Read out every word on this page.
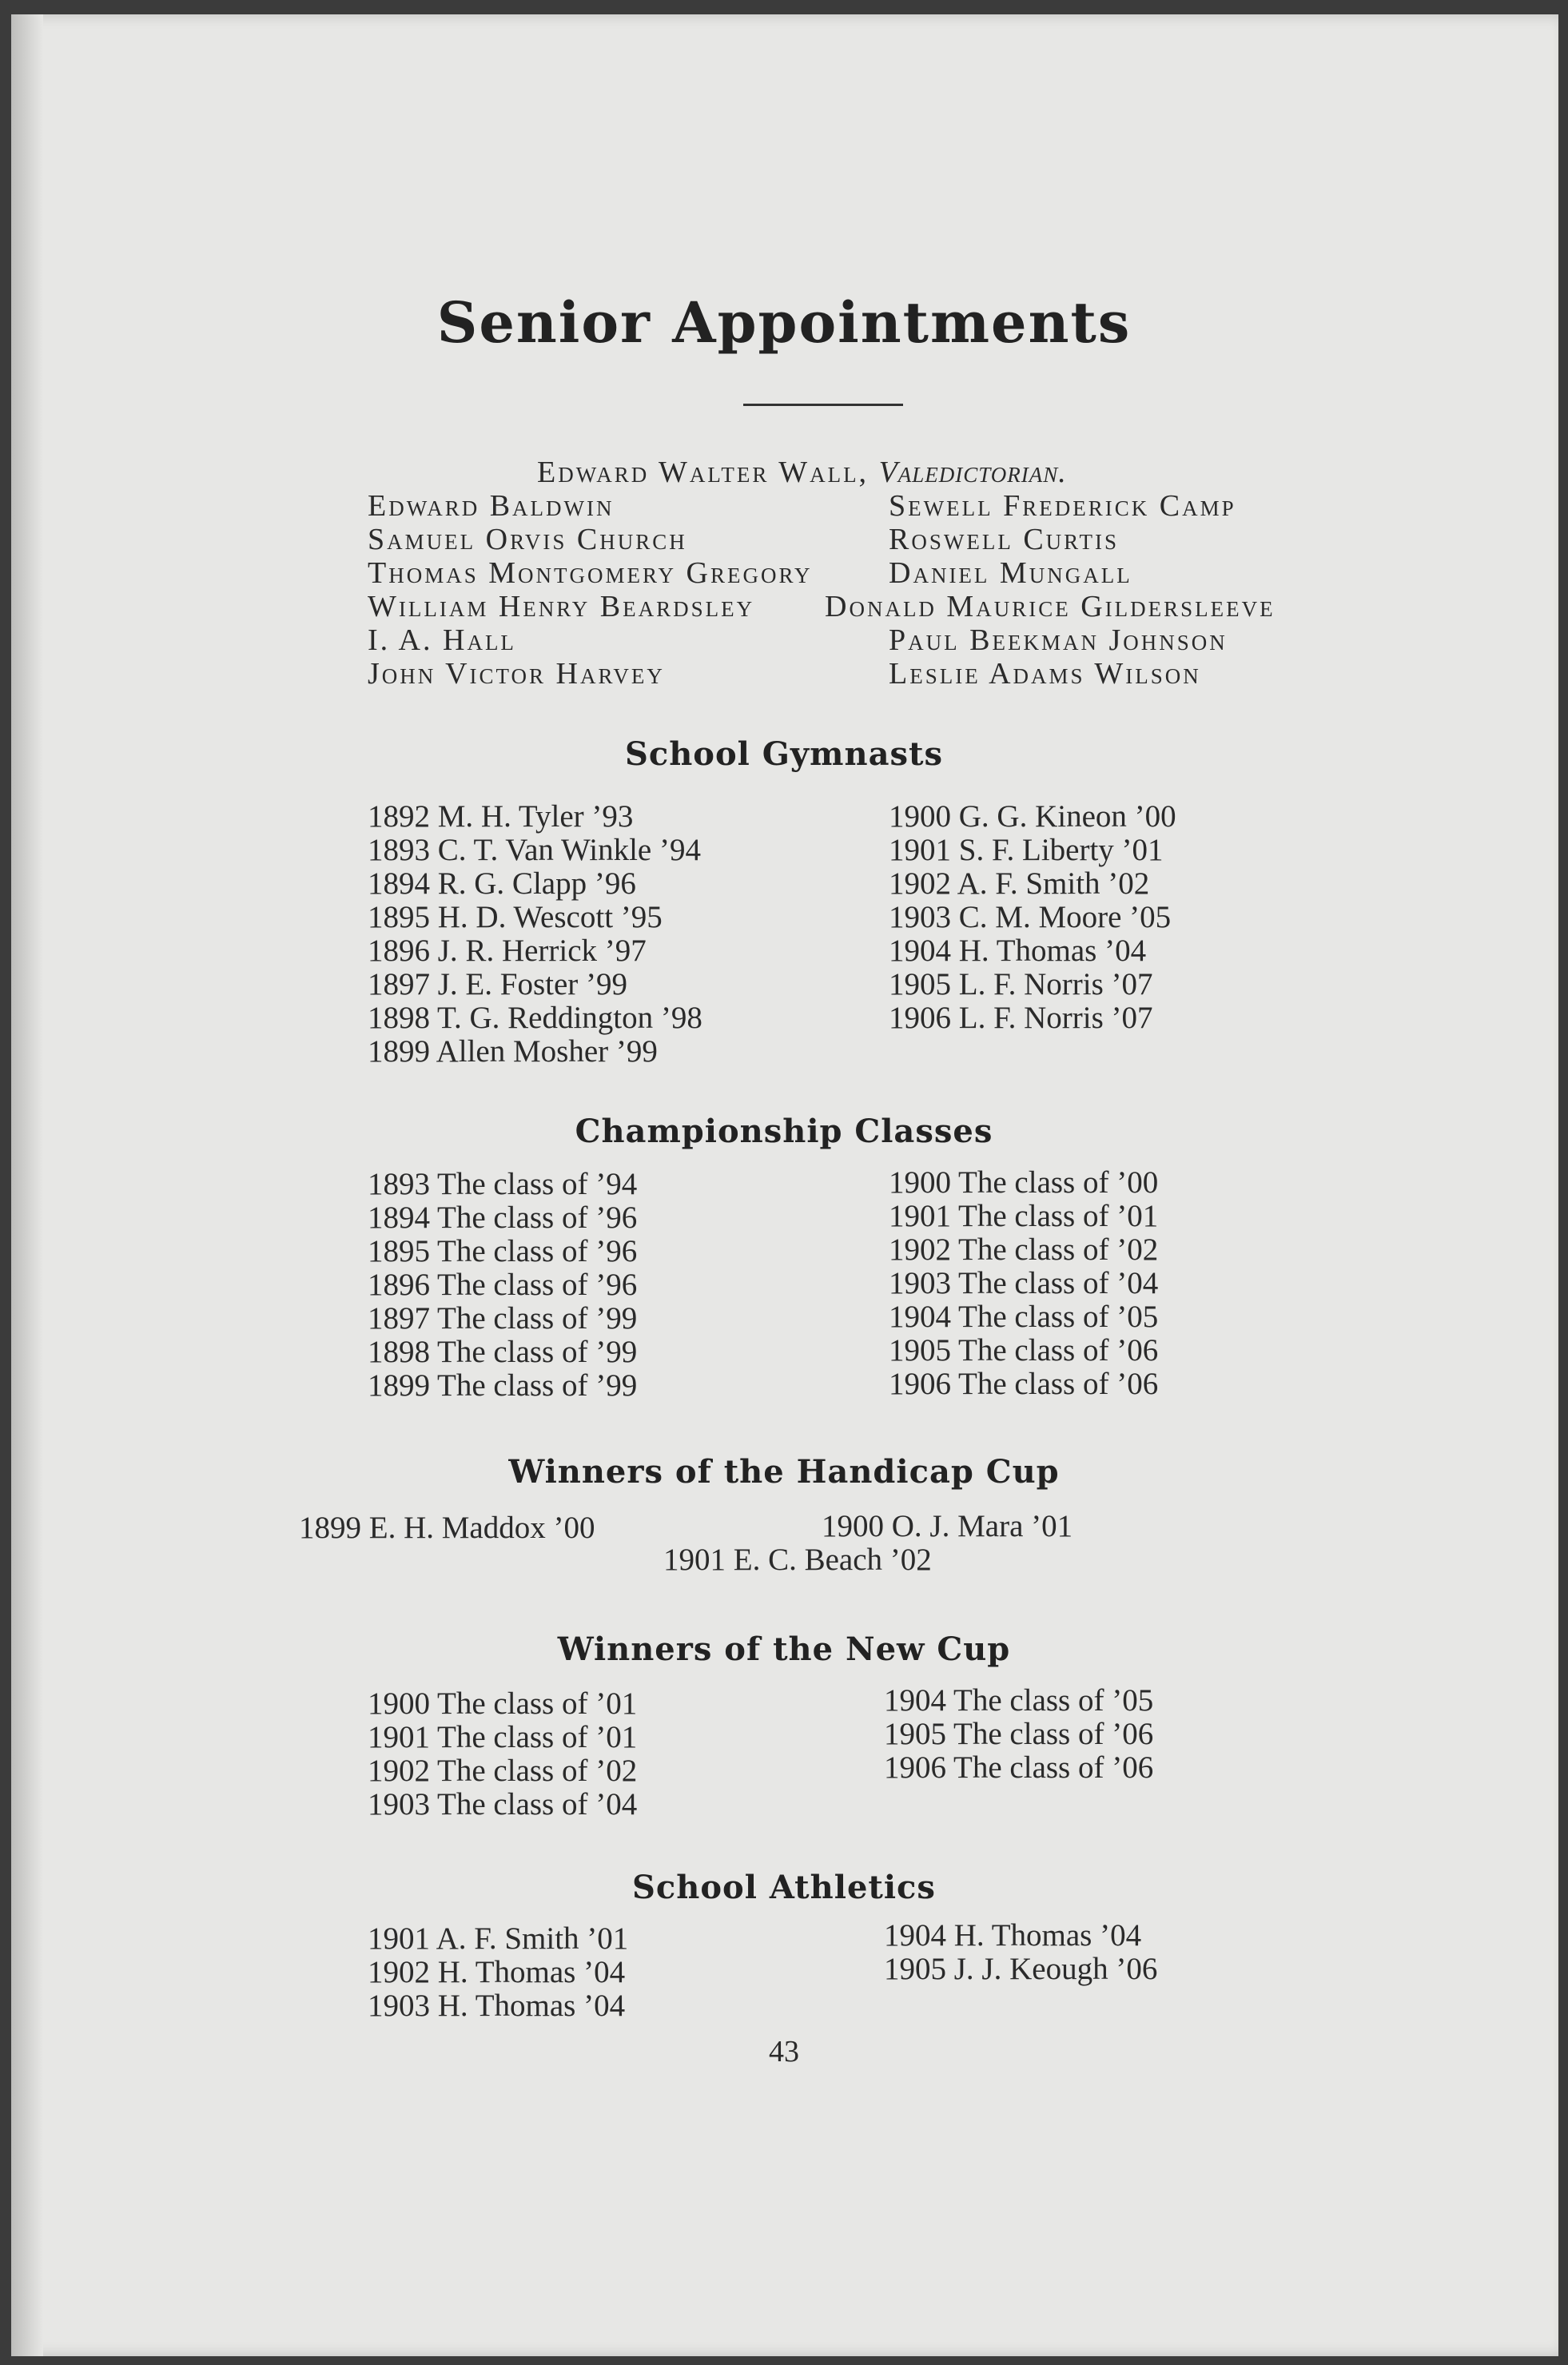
Senior Appointments
Edward Walter Wall, Valedictorian.
Edward Baldwin
Samuel Orvis Church
Thomas Montgomery Gregory
William Henry Beardsley
I. A. Hall
John Victor Harvey
Sewell Frederick Camp
Roswell Curtis
Daniel Mungall
Donald Maurice Gildersleeve
Paul Beekman Johnson
Leslie Adams Wilson
School Gymnasts
1892 M. H. Tyler ’93
1893 C. T. Van Winkle ’94
1894 R. G. Clapp ’96
1895 H. D. Wescott ’95
1896 J. R. Herrick ’97
1897 J. E. Foster ’99
1898 T. G. Reddington ’98
1899 Allen Mosher ’99
1900 G. G. Kineon ’00
1901 S. F. Liberty ’01
1902 A. F. Smith ’02
1903 C. M. Moore ’05
1904 H. Thomas ’04
1905 L. F. Norris ’07
1906 L. F. Norris ’07
Championship Classes
1893 The class of ’94
1894 The class of ’96
1895 The class of ’96
1896 The class of ’96
1897 The class of ’99
1898 The class of ’99
1899 The class of ’99
1900 The class of ’00
1901 The class of ’01
1902 The class of ’02
1903 The class of ’04
1904 The class of ’05
1905 The class of ’06
1906 The class of ’06
Winners of the Handicap Cup
1899 E. H. Maddox ’00	1900 O. J. Mara ’01
1901 E. C. Beach ’02
Winners of the New Cup
1900 The class of ’01
1901 The class of ’01
1902 The class of ’02
1903 The class of ’04
1904 The class of ’05
1905 The class of ’06
1906 The class of ’06
School Athletics
1901 A. F. Smith ’01
1902 H. Thomas ’04
1903 H. Thomas ’04
1904 H. Thomas ’04
1905 J. J. Keough ’06
43
